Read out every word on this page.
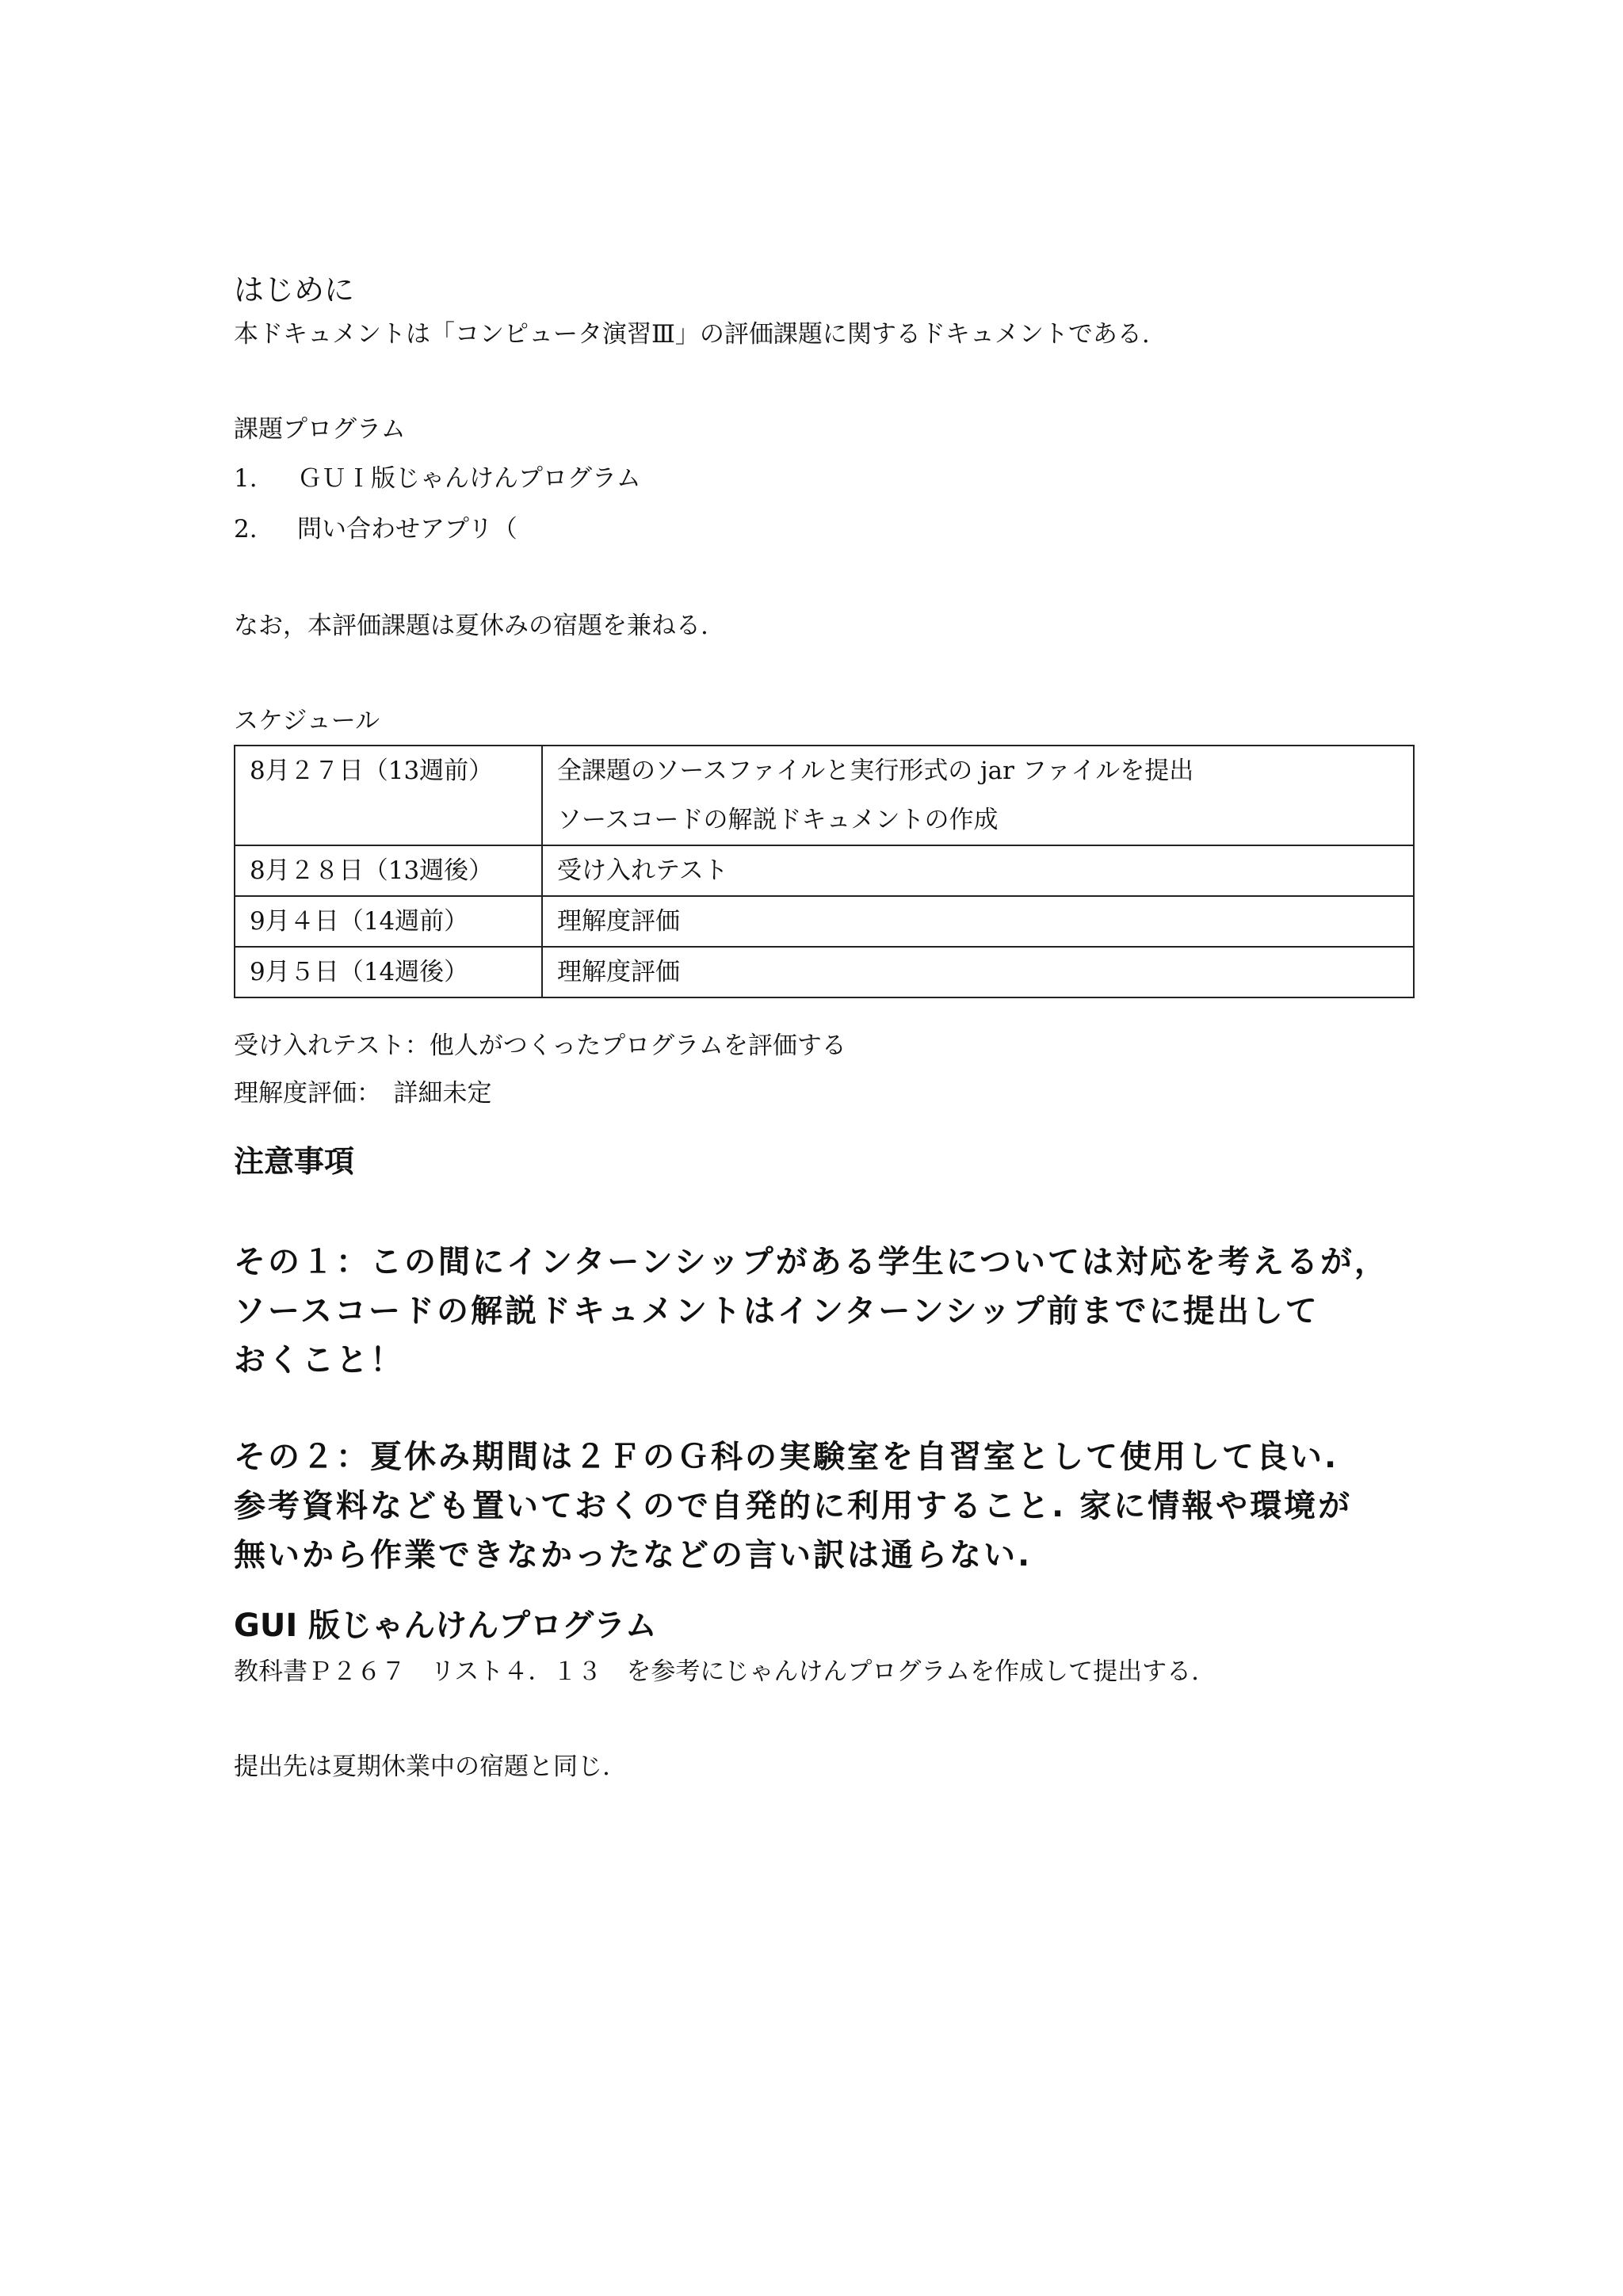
はじめに

本ドキュメントは「コンピュータ演習Ⅲ」の評価課題に関するドキュメントである.

課題プログラム

1.	ＧＵＩ版じゃんけんプログラム
2.	問い合わせアプリ（

なお，本評価課題は夏休みの宿題を兼ねる.

スケジュール

8月２７日（13週前）	全課題のソースファイルと実行形式の jar ファイルを提出
ソースコードの解説ドキュメントの作成

8月２８日（13週後）	受け入れテスト

9月４日（14週前）	理解度評価

9月５日（14週後）	理解度評価

受け入れテスト：他人がつくったプログラムを評価する

理解度評価：　詳細未定

注意事項

その１：この間にインターンシップがある学生については対応を考えるが，

ソースコードの解説ドキュメントはインターンシップ前までに提出して

おくこと！

その２：夏休み期間は２ＦのＧ科の実験室を自習室として使用して良い.

参考資料なども置いておくので自発的に利用すること. 家に情報や環境が

無いから作業できなかったなどの言い訳は通らない.

GUI 版じゃんけんプログラム

教科書Ｐ２６７　リスト４．１３　を参考にじゃんけんプログラムを作成して提出する.

提出先は夏期休業中の宿題と同じ.
